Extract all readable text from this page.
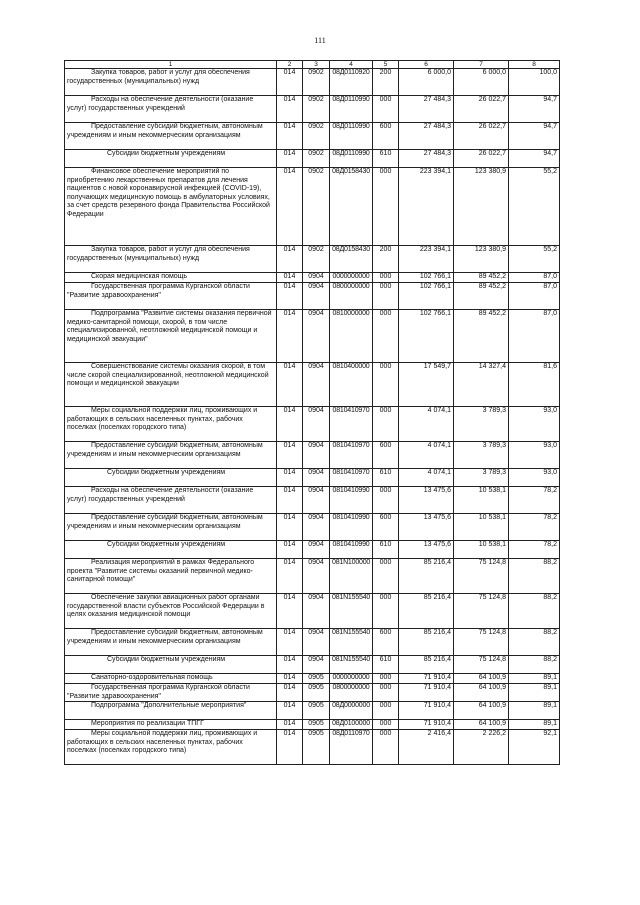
111
1	2	3	4	5	6	7	8

Закупка товаров, работ и услуг для обеспечения государственных (муниципальных) нужд	014	0902	08Д0110920	200	6 000,0	6 000,0	100,0

Расходы на обеспечение деятельности (оказание услуг) государственных учреждений	014	0902	08Д0110990	000	27 484,3	26 022,7	94,7

Предоставление субсидий бюджетным, автономным учреждениям и иным некоммерческим организациям	014	0902	08Д0110990	600	27 484,3	26 022,7	94,7

Субсидии бюджетным учреждениям	014	0902	08Д0110990	610	27 484,3	26 022,7	94,7

Финансовое обеспечение мероприятий по приобретению лекарственных препаратов для лечения пациентов с новой коронавирусной инфекцией (COVID-19), получающих медицинскую помощь в амбулаторных условиях, за счет средств резервного фонда Правительства Российской Федерации	014	0902	08Д0158430	000	223 394,1	123 380,9	55,2

Закупка товаров, работ и услуг для обеспечения государственных (муниципальных) нужд	014	0902	08Д0158430	200	223 394,1	123 380,9	55,2

Скорая медицинская помощь	014	0904	0000000000	000	102 766,1	89 452,2	87,0

Государственная программа Курганской области "Развитие здравоохранения"	014	0904	0800000000	000	102 766,1	89 452,2	87,0

Подпрограмма "Развитие системы оказания первичной медико-санитарной помощи, скорой, в том числе специализированной, неотложной медицинской помощи и медицинской эвакуации"	014	0904	0810000000	000	102 766,1	89 452,2	87,0

Совершенствование системы оказания скорой, в том числе скорой специализированной, неотложной медицинской помощи и медицинской эвакуации	014	0904	0810400000	000	17 549,7	14 327,4	81,6

Меры социальной поддержки лиц, проживающих и работающих в сельских населенных пунктах, рабочих поселках (поселках городского типа)	014	0904	0810410970	000	4 074,1	3 789,3	93,0

Предоставление субсидий бюджетным, автономным учреждениям и иным некоммерческим организациям	014	0904	0810410970	600	4 074,1	3 789,3	93,0

Субсидии бюджетным учреждениям	014	0904	0810410970	610	4 074,1	3 789,3	93,0

Расходы на обеспечение деятельности (оказание услуг) государственных учреждений	014	0904	0810410990	000	13 475,6	10 538,1	78,2

Предоставление субсидий бюджетным, автономным учреждениям и иным некоммерческим организациям	014	0904	0810410990	600	13 475,6	10 538,1	78,2

Субсидии бюджетным учреждениям	014	0904	0810410990	610	13 475,6	10 538,1	78,2

Реализация мероприятий в рамках Федерального проекта "Развитие системы оказаний первичной медико-санитарной помощи"	014	0904	081N100000	000	85 216,4	75 124,8	88,2

Обеспечение закупки авиационных работ органами государственной власти субъектов Российской Федерации в целях оказания медицинской помощи	014	0904	081N155540	000	85 216,4	75 124,8	88,2

Предоставление субсидий бюджетным, автономным учреждениям и иным некоммерческим организациям	014	0904	081N155540	600	85 216,4	75 124,8	88,2

Субсидии бюджетным учреждениям	014	0904	081N155540	610	85 216,4	75 124,8	88,2

Санаторно-оздоровительная помощь	014	0905	0000000000	000	71 910,4	64 100,9	89,1

Государственная программа Курганской области "Развитие здравоохранения"	014	0905	0800000000	000	71 910,4	64 100,9	89,1

Подпрограмма "Дополнительные мероприятия"	014	0905	08Д0000000	000	71 910,4	64 100,9	89,1

Мероприятия по реализации ТПГГ	014	0905	08Д0100000	000	71 910,4	64 100,9	89,1

Меры социальной поддержки лиц, проживающих и работающих в сельских населенных пунктах, рабочих поселках (поселках городского типа)	014	0905	08Д0110970	000	2 416,4	2 226,2	92,1
